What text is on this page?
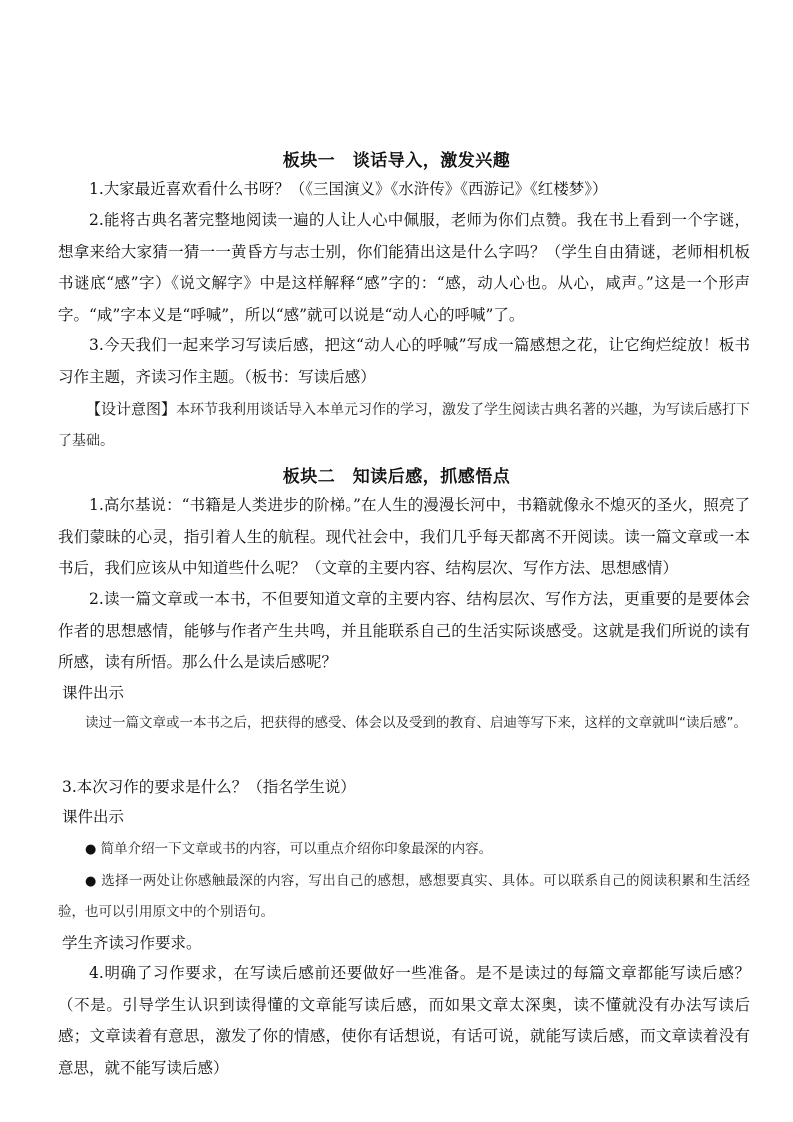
板块一　谈话导入，激发兴趣

1.大家最近喜欢看什么书呀？（《三国演义》《水浒传》《西游记》《红楼梦》）

2.能将古典名著完整地阅读一遍的人让人心中佩服，老师为你们点赞。我在书上看到一个字谜，想拿来给大家猜一猜一一黄昏方与志士别，你们能猜出这是什么字吗？（学生自由猜谜，老师相机板书谜底“感”字）《说文解字》中是这样解释“感”字的：“感，动人心也。从心，咸声。”这是一个形声字。“咸”字本义是“呼喊”，所以“感”就可以说是“动人心的呼喊”了。

3.今天我们一起来学习写读后感，把这“动人心的呼喊”写成一篇感想之花，让它绚烂绽放！板书习作主题，齐读习作主题。（板书：写读后感）

【设计意图】本环节我利用谈话导入本单元习作的学习，激发了学生阅读古典名著的兴趣，为写读后感打下了基础。

板块二　知读后感，抓感悟点

1.高尔基说：“书籍是人类进步的阶梯。”在人生的漫漫长河中，书籍就像永不熄灭的圣火，照亮了我们蒙昧的心灵，指引着人生的航程。现代社会中，我们几乎每天都离不开阅读。读一篇文章或一本书后，我们应该从中知道些什么呢？（文章的主要内容、结构层次、写作方法、思想感情）

2.读一篇文章或一本书，不但要知道文章的主要内容、结构层次、写作方法，更重要的是要体会作者的思想感情，能够与作者产生共鸣，并且能联系自己的生活实际谈感受。这就是我们所说的读有所感，读有所悟。那么什么是读后感呢？

课件出示

读过一篇文章或一本书之后，把获得的感受、体会以及受到的教育、启迪等写下来，这样的文章就叫“读后感”。

3.本次习作的要求是什么？（指名学生说）

课件出示

● 简单介绍一下文章或书的内容，可以重点介绍你印象最深的内容。

● 选择一两处让你感触最深的内容，写出自己的感想，感想要真实、具体。可以联系自己的阅读积累和生活经验，也可以引用原文中的个别语句。

学生齐读习作要求。

4.明确了习作要求，在写读后感前还要做好一些准备。是不是读过的每篇文章都能写读后感？（不是。引导学生认识到读得懂的文章能写读后感，而如果文章太深奥，读不懂就没有办法写读后感；文章读着有意思，激发了你的情感，使你有话想说，有话可说，就能写读后感，而文章读着没有意思，就不能写读后感）
